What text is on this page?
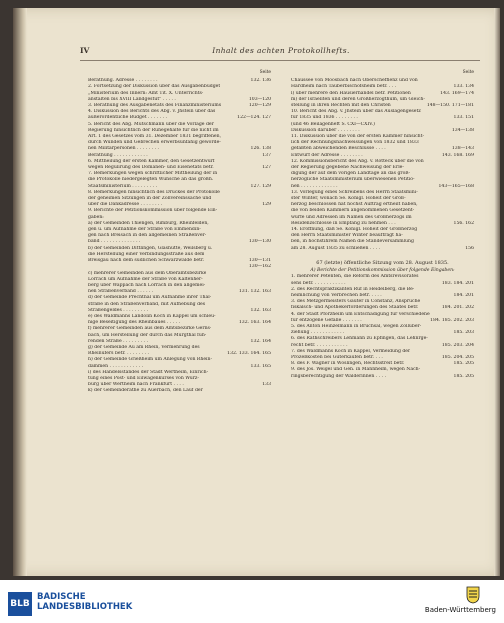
IV	Inhalt des achten Protokollhefts.
Seite
Berathung. Adresse . . . . . . . .	132. 136
2. Fortsetzung der Diskussion über das Ausgabenbudget
„Ministerium des Innern: Amt Tit. X. Unterrichts-
anstalten bis XVIII Landgestüt" . . . . .	103—120
3. Berathung des Ausgabenetats des Finanzministeriums	120—129
4. Diskussion des Berichts des Abg. v. Jhstein über das
außerordentliche Budget . . . . . . .	122—124. 127
5. Bericht des Abg. Mutschmann über die Vorlage der
Regierung hinsichtlich der Ruhegehalte für die nicht im
Art. 1 des Gesetzes vom 31. Dezember 1831 begriffenen,
durch Wunden und Gebrechen erwerbsunfähig geworde-
nen Militärpersonen . . . . . . . .	126. 138
Berathung . . . . . . . . . . . .	137
6. Mittheilung der ersten Kammer, den Gesetzentwurf
wegen Regulirung des Domänen- und Eisenetats betr.	127
7. Bemerkungen wegen schriftlicher Mittheilung der in
die Protokolle niedergelegten Wünsche an das großh.
Staatsministerium . . . . . . . . .	127. 129
8. Bemerkungen hinsichtlich des Druckes der Protokolle
der geheimen Sitzungen in der Zollvereinssache und
über die Dankadresse . . . . . . . .	129
9. Berichte der Petitionskommission über folgende Ein-
gaben:
a) der Gemeinden Thiengen, Rimburg, Rheinfelden,
gen u. um Aufnahme der Straße von Emmendin-
gen nach Breisach in den allgemeinen Straßenver-
band . . . . . . . . . . . . . .	130—130
b) der Gemeinden Dittlingen, Glashütte, Weilsberg u.
die Herstellung einer Verbindungsstraße aus dem
Breisgau nach dem südlichen Schwarzwalde betr.	130—131
130—162
c) mehrerer Gemeinden aus dem Oberamtsbezirke
Lörrach um Aufnahme der Straße von Kaltenher-
berg über Wappach nach Lörrach in den allgemei-
nen Straßenverband . . . . . .	131. 132. 163
d) der Gemeinde Prechthal um Aufnahme ihrer Thal-
straße in den Straßenverband, mit Aufhebung des
Straßengeldes . . . . . . . . .	132. 163
e) des Waldmanns Landolin Koch in Kappel um schleu-
nige Beseitigung des Rheinbaues . . . . .	132. 163. 164
f) mehrerer Gemeinden aus dem Amtsbezirke Gerns-
bach, um Herstellung der durch das Murgthal füh-
renden Straße . . . . . . . . .	132. 164
g) der Gemeinde Au am Rhein, Vermehrung des
Rheinufers betr. . . . . . . . .	132. 133. 164. 165
h) der Gemeinde Grießheim um Anlegung von Rhein-
dämmen . . . . . . . . . . . .	133. 165
i) des Handelsstandes der Stadt Wertheim, Einrich-
tung eines Post- und Eilwagenkurses von Würz-
burg über Wertheim nach Frankfurt . . . .	133
k) der Gemeinderäthe zu Auerbach, den Lauf der
Seite
Chaussee von Moosbach nach Oberschefflenz und von
Hardheim nach Tauberbischofsheim betr. . . .	133. 134
l) über mehrere den Hausierhandel betr. Petitionen	143. 169—174
m) der Israeliten und deren Großherzogthum, um Gleich-
stellung in ihren Rechten mit den Christen	148—150. 171—181
10. Bericht des Abg. v. Jhstein über das Auslagengesetz
für 1835 und 1836 . . . . . . . .	133. 151
(und 46 Beilagenheft S. CXI—CXIV.)
Diskussion darüber . . . . . . . .	134—138
11. Diskussion über die von der ersten Kammer hinsicht-
lich der Rechnungsnachweisungen von 1832 und 1833
gefaßten abweichenden Beschlüsse . . . .	138—143
Entwurf der Adresse . . . . . . . .	143. 168. 169
12. Kommissionsbericht des Abg. v. Rotteck über die von
der Regierung gegebene Nachweisung der Erle-
digung der auf dem vorigen Landtage an das groß-
herzogliche Staatsministerium überwiesenen Petitio-
nen . . . . . . . . . . . . .	143—165—168
13. Vorlegung eines Schreibens des Herrn Staatsmini-
ster Winter, wonach Se. Königl. Hoheit der Groß-
herzog beschlossen hat höchst Auftrag ertheilt haben,
die von beiden Kammern angenommenen Gesetzent-
würfe und Adressen im Namen des Großherzogs im
Residenzschlosse in Empfang zu nehmen . . .	156. 162
14. Eröffnung, daß Se. Königl. Hoheit der Großherzog
den Herrn Staatsminister Winter beauftragt ha-
ben, in höchstihrem Namen die Ständeversammlung
am 28. August 1835 zu schließen . . . .	156
67 (letzte) öffentliche Sitzung vom 28. August 1835.
A) Berichte der Petitionskommission über folgende Eingaben:
1. mehrerer Petenten, die Reform des Amtsrevisorates
sens betr. . . . . . . . . . . .	183. 184. 201
2. des Rechtspraktikanten Ruf in Heidelberg, die Be-
heimlichung von Verbrechen betr. . . . .	184. 201
3. des Metzgermeisters Gauter in Constanz, Ansprüche
fiskalsch- und Apothekerforderungen des Staates betr.	184. 201. 202
4. der Stadt Pforzheim um Entschädigung für verschiedene
für entzogene Gefälle . . . . . . .	184. 185. 202. 203
5. des Anton Heinzelmann in Bruchsal, wegen Zollüber-
ziehung . . . . . . . . . . . .	185. 203
6. des Rathschreibers Lehmann zu Epfingen, das Lehnrge-
recht betr. . . . . . . . . . . .	185. 203. 204
7. des Waldmanns Koch in Kappel, Vermeidung der
Prozeßkosten bei Güterkäufen betr. . . .	185. 204. 205
8. des F. Wagner in Wöslingen, Rechtsstreit betr.	185. 205
9. des Jos. Weigel und Gen. in Mannheim, wegen Nach-
ringsberechtigung der Wälderinnen . . . .	185. 205
BLB
BADISCHE
LANDESBIBLIOTHEK	Baden-Württemberg
